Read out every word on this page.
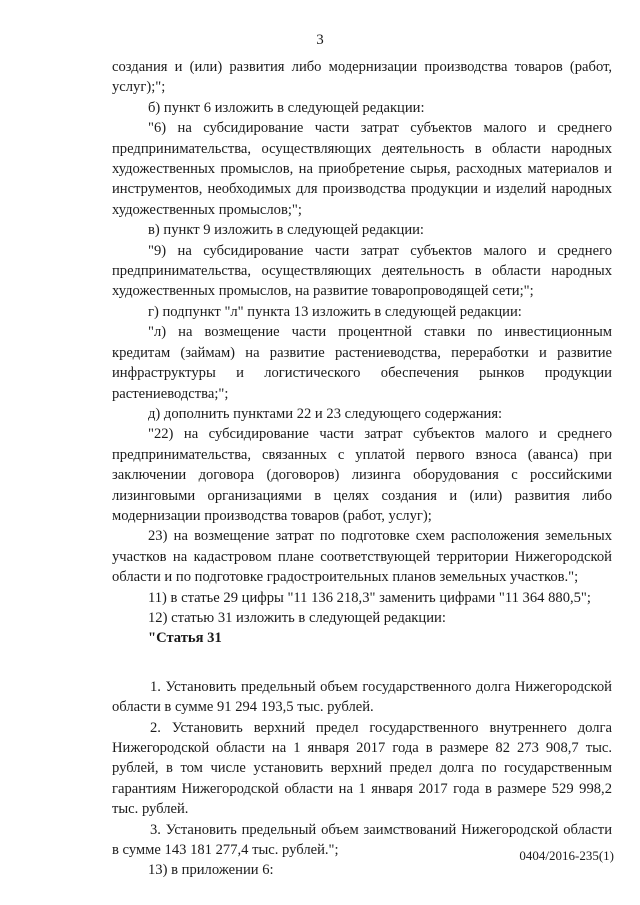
3

создания и (или) развития либо модернизации производства товаров (работ, услуг);";

б) пункт 6 изложить в следующей редакции:

"6) на субсидирование части затрат субъектов малого и среднего предпринимательства, осуществляющих деятельность в области народных художественных промыслов, на приобретение сырья, расходных материалов и инструментов, необходимых для производства продукции и изделий народных художественных промыслов;";

в) пункт 9 изложить в следующей редакции:

"9) на субсидирование части затрат субъектов малого и среднего предпринимательства, осуществляющих деятельность в области народных художественных промыслов, на развитие товаропроводящей сети;";

г) подпункт "л" пункта 13 изложить в следующей редакции:

"л) на возмещение части процентной ставки по инвестиционным кредитам (займам) на развитие растениеводства, переработки и развитие инфраструктуры и логистического обеспечения рынков продукции растениеводства;";

д) дополнить пунктами 22 и 23 следующего содержания:

"22) на субсидирование части затрат субъектов малого и среднего предпринимательства, связанных с уплатой первого взноса (аванса) при заключении договора (договоров) лизинга оборудования с российскими лизинговыми организациями в целях создания и (или) развития либо модернизации производства товаров (работ, услуг);

23) на возмещение затрат по подготовке схем расположения земельных участков на кадастровом плане соответствующей территории Нижегородской области и по подготовке градостроительных планов земельных участков.";

11) в статье 29 цифры "11 136 218,3" заменить цифрами "11 364 880,5";

12) статью 31 изложить в следующей редакции:

"Статья 31

1. Установить предельный объем государственного долга Нижегородской области в сумме 91 294 193,5 тыс. рублей.

2. Установить верхний предел государственного внутреннего долга Нижегородской области на 1 января 2017 года в размере 82 273 908,7 тыс. рублей, в том числе установить верхний предел долга по государственным гарантиям Нижегородской области на 1 января 2017 года в размере 529 998,2 тыс. рублей.

3. Установить предельный объем заимствований Нижегородской области в сумме 143 181 277,4 тыс. рублей.";

13) в приложении 6:

0404/2016-235(1)
